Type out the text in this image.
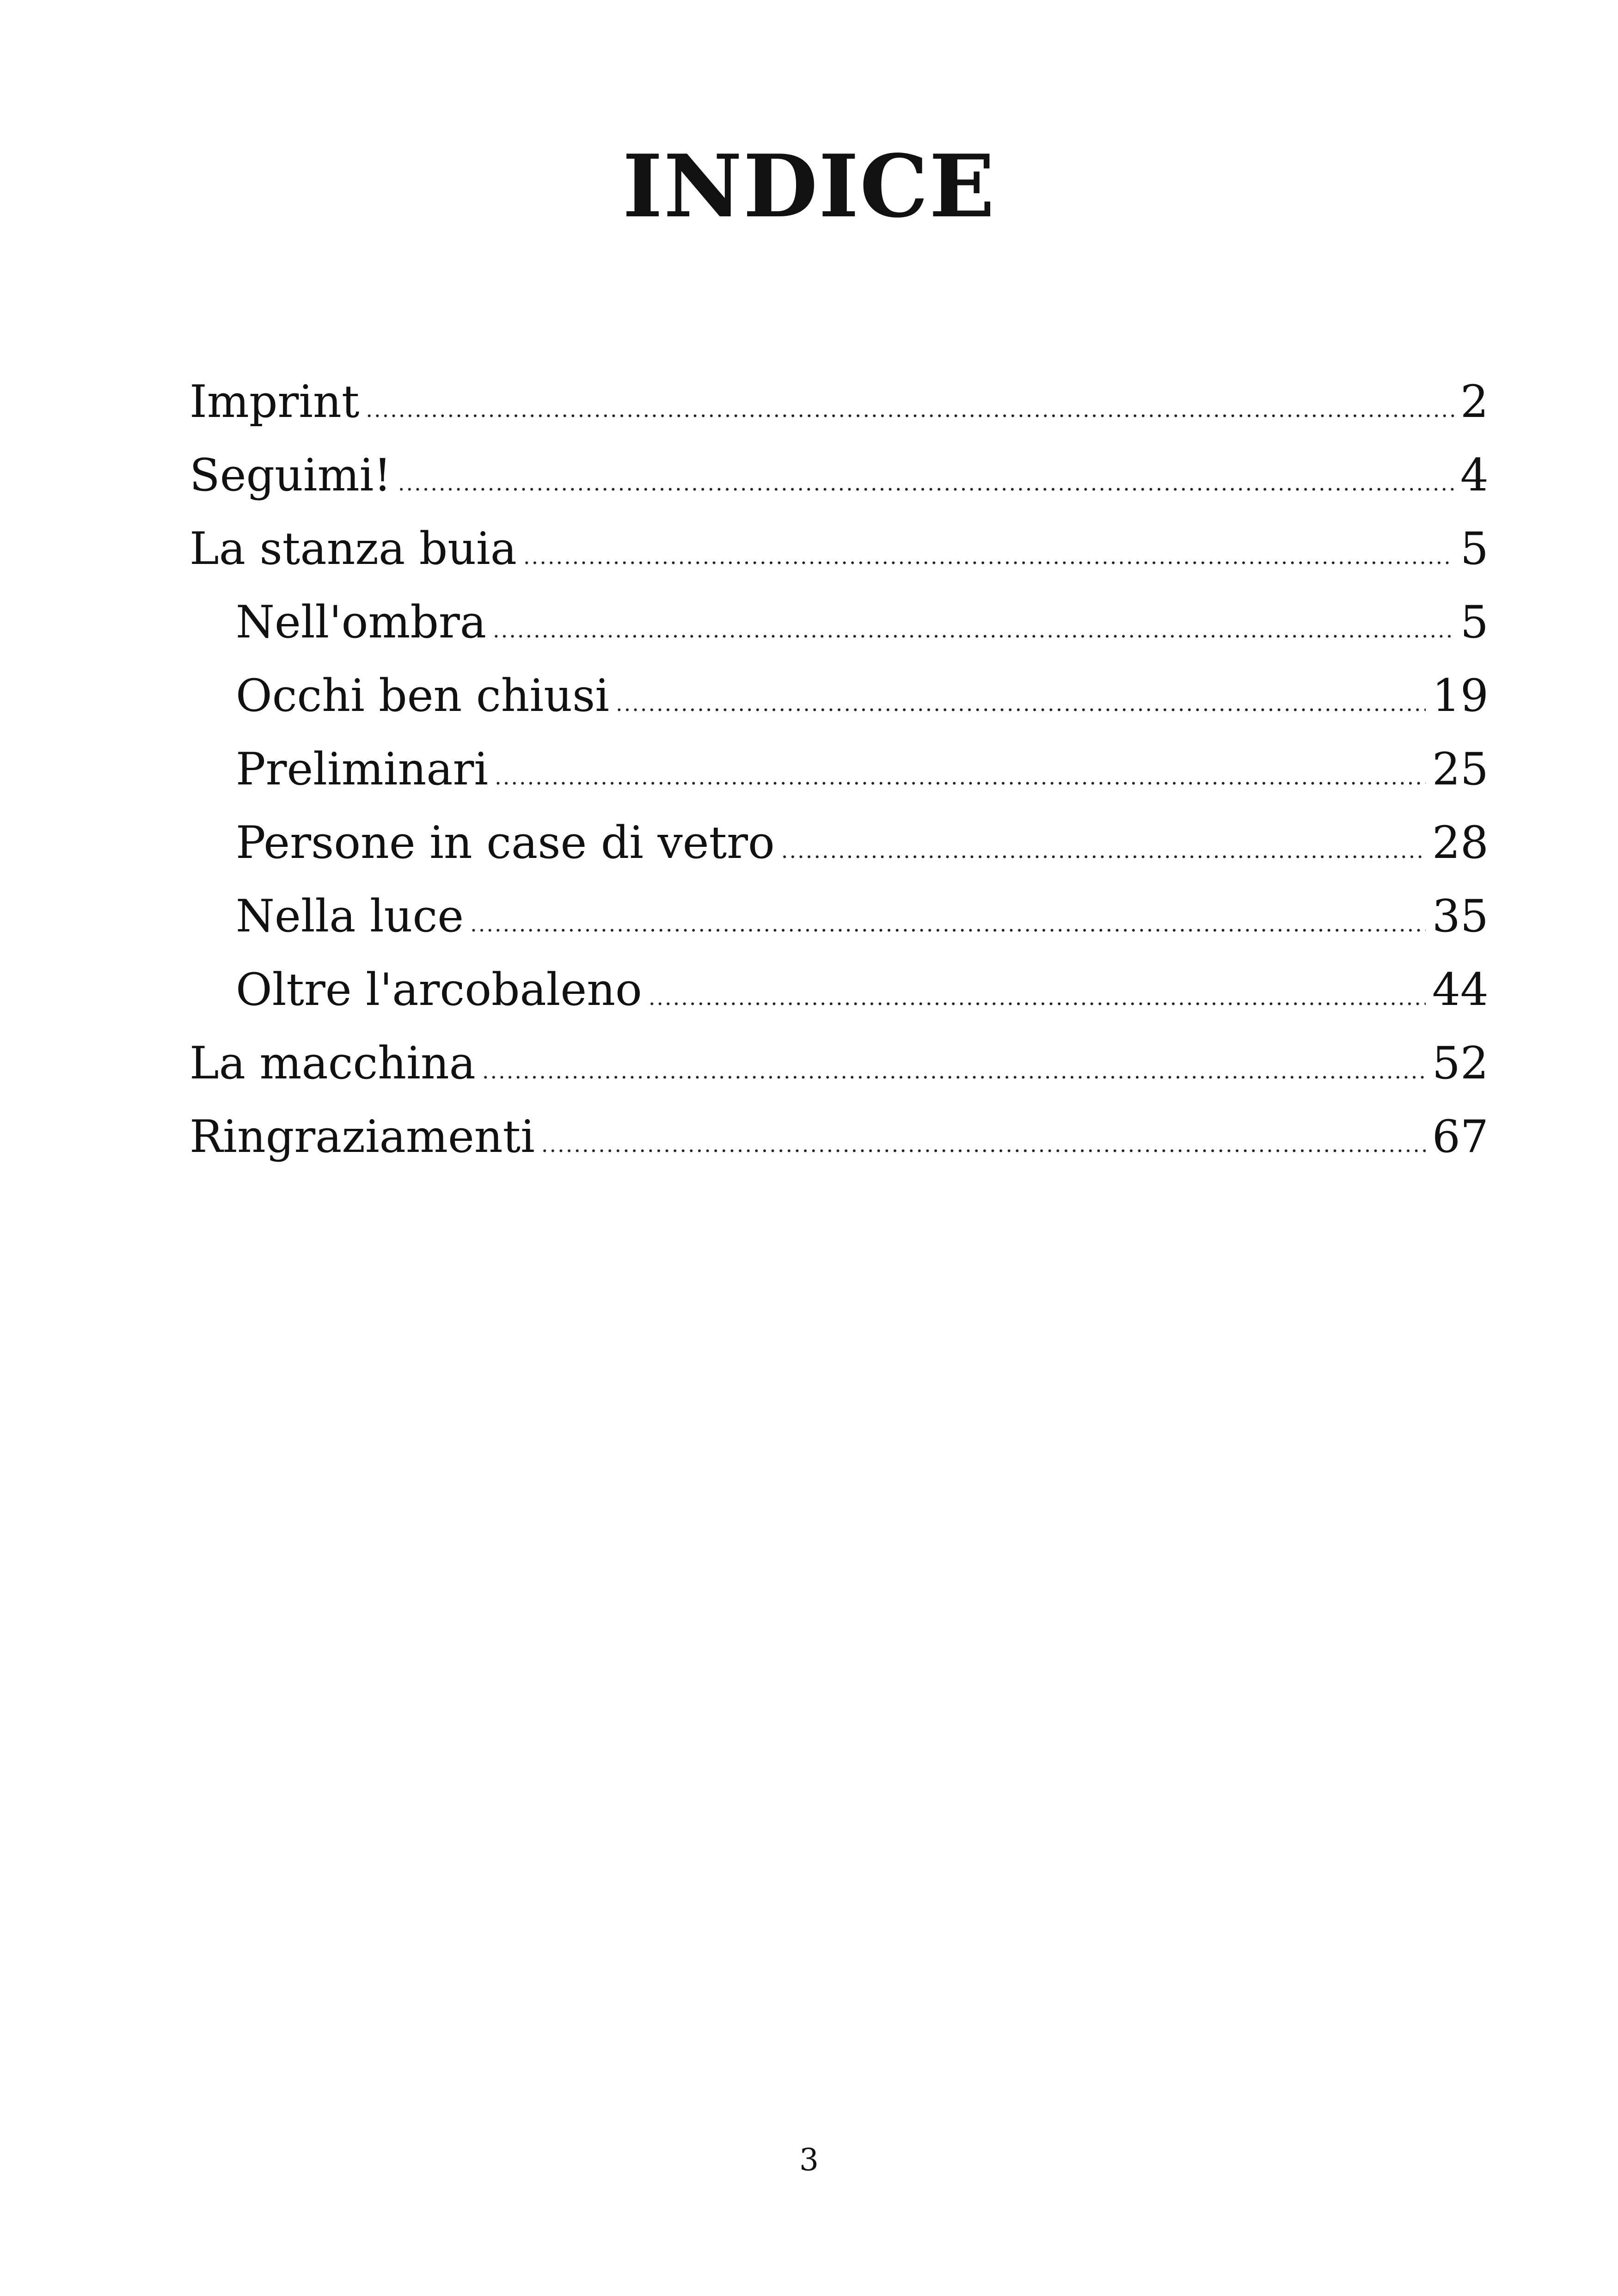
INDICE
Imprint .....	2
Seguimi! .....	4
La stanza buia .....	5
Nell'ombra .....	5
Occhi ben chiusi .....	19
Preliminari .....	25
Persone in case di vetro .....	28
Nella luce .....	35
Oltre l'arcobaleno .....	44
La macchina .....	52
Ringraziamenti .....	67
3
